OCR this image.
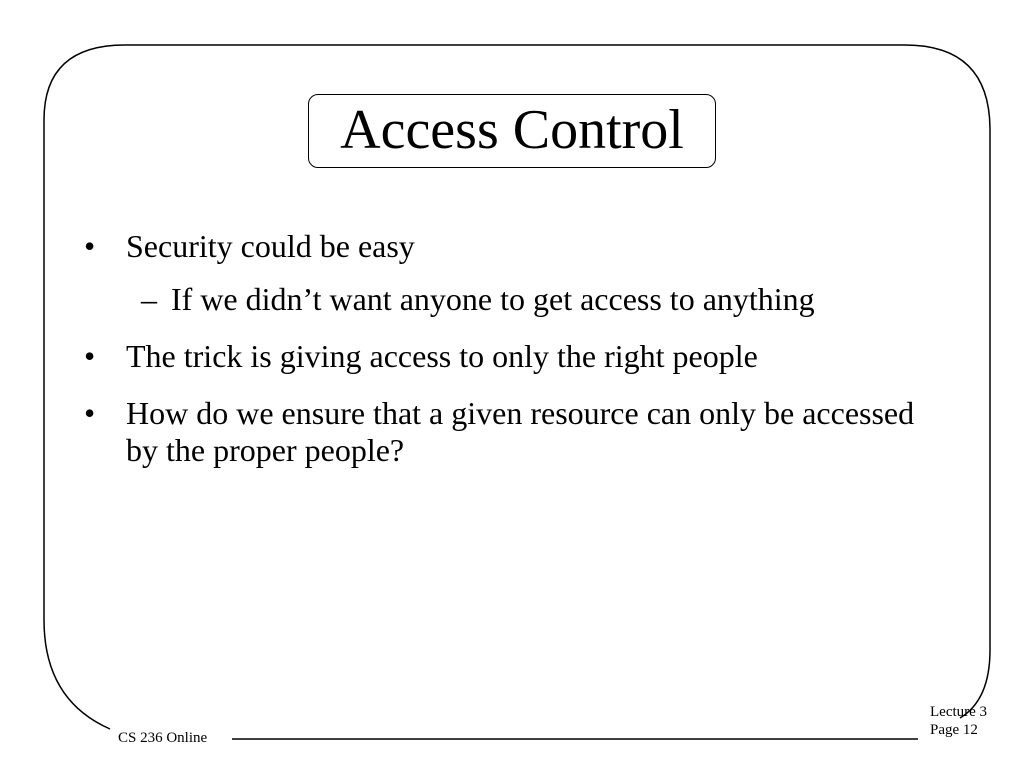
Access Control
• Security could be easy
– If we didn’t want anyone to get access to anything
• The trick is giving access to only the right people
• How do we ensure that a given resource can only be accessed by the proper people?
CS 236 Online
Lecture 3
Page 12
